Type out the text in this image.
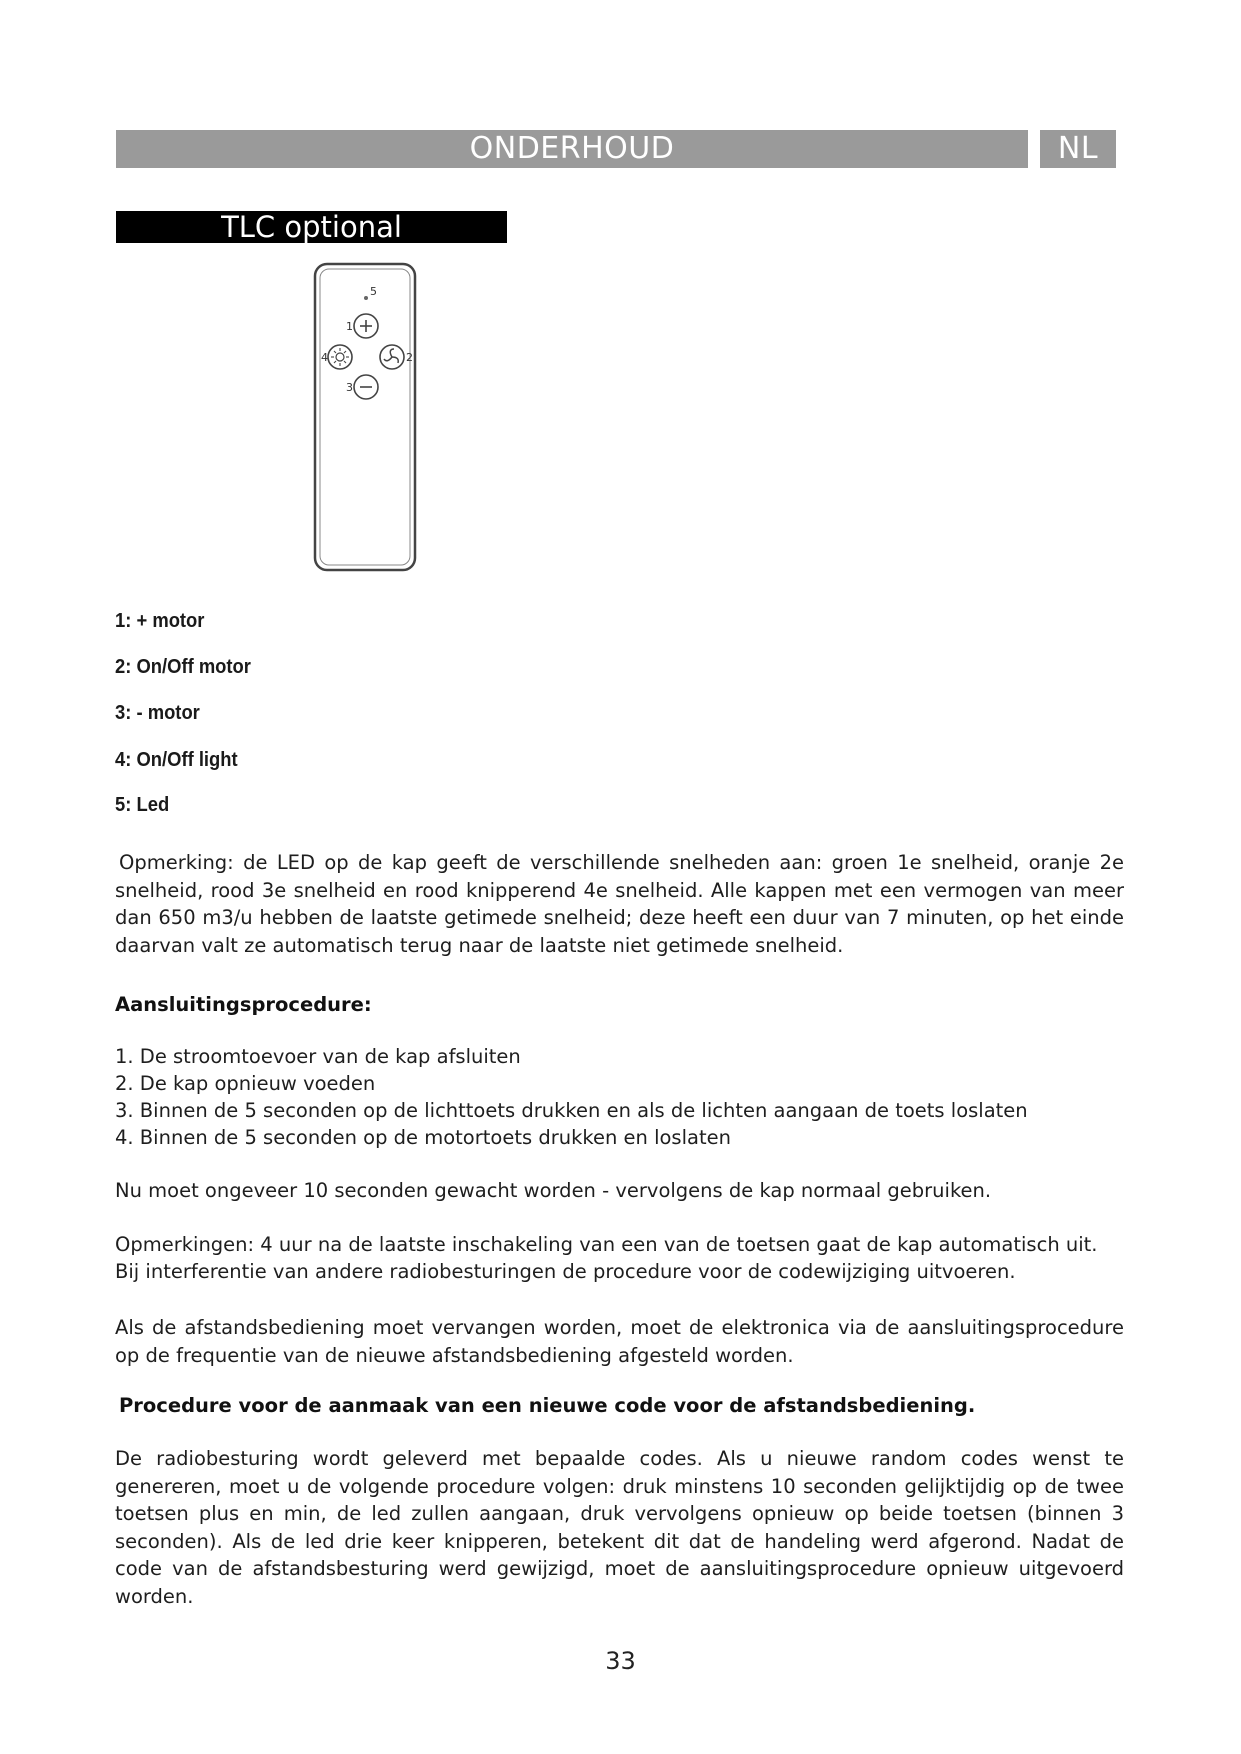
ONDERHOUD	NL
TLC optional
5
1
4	2
3
1: + motor
2: On/Off motor
3: - motor
4: On/Off light
5: Led
Opmerking: de LED op de kap geeft de verschillende snelheden aan: groen 1e snelheid, oranje 2e snelheid, rood 3e snelheid en rood knipperend 4e snelheid. Alle kappen met een vermogen van meer dan 650 m3/u hebben de laatste getimede snelheid; deze heeft een duur van 7 minuten, op het einde daarvan valt ze automatisch terug naar de laatste niet getimede snelheid.
Aansluitingsprocedure:
1. De stroomtoevoer van de kap afsluiten
2. De kap opnieuw voeden
3. Binnen de 5 seconden op de lichttoets drukken en als de lichten aangaan de toets loslaten
4. Binnen de 5 seconden op de motortoets drukken en loslaten
Nu moet ongeveer 10 seconden gewacht worden - vervolgens de kap normaal gebruiken.
Opmerkingen: 4 uur na de laatste inschakeling van een van de toetsen gaat de kap automatisch uit.
Bij interferentie van andere radiobesturingen de procedure voor de codewijziging uitvoeren.
Als de afstandsbediening moet vervangen worden, moet de elektronica via de aansluitingsprocedure op de frequentie van de nieuwe afstandsbediening afgesteld worden.
Procedure voor de aanmaak van een nieuwe code voor de afstandsbediening.
De radiobesturing wordt geleverd met bepaalde codes. Als u nieuwe random codes wenst te genereren, moet u de volgende procedure volgen: druk minstens 10 seconden gelijktijdig op de twee toetsen plus en min, de led zullen aangaan, druk vervolgens opnieuw op beide toetsen (binnen 3 seconden). Als de led drie keer knipperen, betekent dit dat de handeling werd afgerond. Nadat de code van de afstandsbesturing werd gewijzigd, moet de aansluitingsprocedure opnieuw uitgevoerd worden.
33
